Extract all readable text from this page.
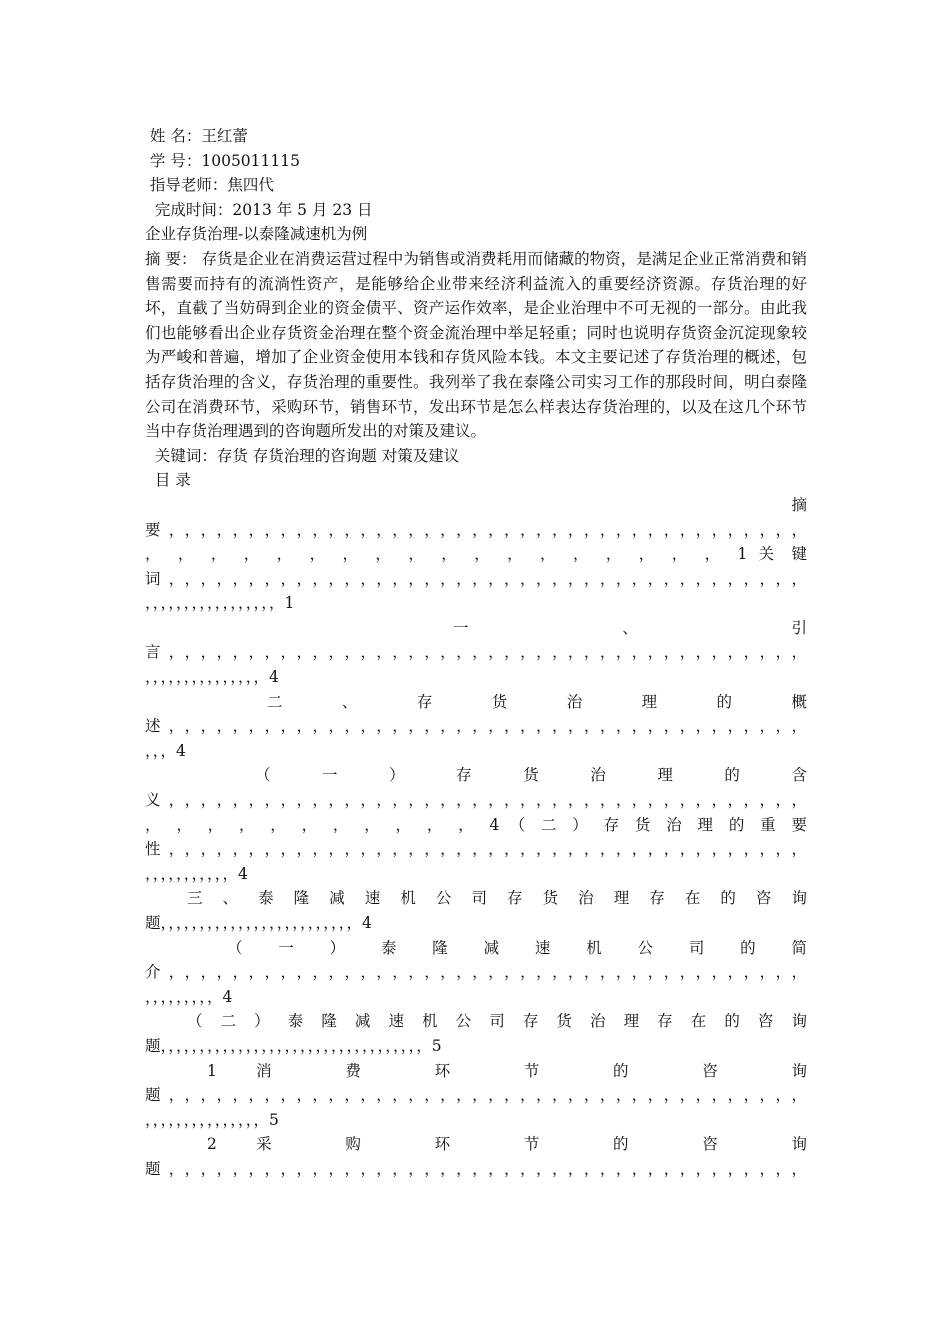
姓 名：王红蕾
学 号：1005011115
指导老师：焦四代
完成时间：2013 年 5 月 23 日
企业存货治理-以泰隆减速机为例
摘 要： 存货是企业在消费运营过程中为销售或消费耗用而储藏的物资，是满足企业正常消费和销售需要而持有的流淌性资产，是能够给企业带来经济利益流入的重要经济资源。存货治理的好坏，直截了当妨碍到企业的资金债平、资产运作效率，是企业治理中不可无视的一部分。由此我们也能够看出企业存货资金治理在整个资金流治理中举足轻重；同时也说明存货资金沉淀现象较为严峻和普遍，增加了企业资金使用本钱和存货风险本钱。本文主要记述了存货治理的概述，包括存货治理的含义，存货治理的重要性。我列举了我在泰隆公司实习工作的那段时间，明白泰隆公司在消费环节，采购环节，销售环节，发出环节是怎么样表达存货治理的，以及在这几个环节当中存货治理遇到的咨询题所发出的对策及建议。
关键词：存货 存货治理的咨询题 对策及建议
目 录
摘
要，，，，，，，，，，，，，，，，，，，，，，，，，，，，，，，，，，，，，，，，
， ， ， ， ， ， ， ， ， ， ， ， ， ， ， ， ， ， 1 关 键
词，，，，，，，，，，，，，，，，，，，，，，，，，，，，，，，，，，，，，，，，
，，，，，，，，，，，，，，，，，1
一 、 引
言，，，，，，，，，，，，，，，，，，，，，，，，，，，，，，，，，，，，，，，，
，，，，，，，，，，，，，，，4
二 、 存 货 治 理 的 概
述，，，，，，，，，，，，，，，，，，，，，，，，，，，，，，，，，，，，，，，，
，，，4
（ 一 ） 存 货 治 理 的 含
义，，，，，，，，，，，，，，，，，，，，，，，，，，，，，，，，，，，，，，，，
， ， ， ， ， ， ， ， ， ， ， 4 （ 二 ） 存 货 治 理 的 重 要
性，，，，，，，，，，，，，，，，，，，，，，，，，，，，，，，，，，，，，，，，
，，，，，，，，，，，4
三 、 泰 隆 减 速 机 公 司 存 货 治 理 存 在 的 咨 询
题，，，，，，，，，，，，，，，，，，，，，，，，，4
（ 一 ） 泰 隆 减 速 机 公 司 的 简
介，，，，，，，，，，，，，，，，，，，，，，，，，，，，，，，，，，，，，，，，
，，，，，，，，，4
（ 二 ） 泰 隆 减 速 机 公 司 存 货 治 理 存 在 的 咨 询
题，，，，，，，，，，，，，，，，，，，，，，，，，，，，，，，，，，5
1 消 费 环 节 的 咨 询
题，，，，，，，，，，，，，，，，，，，，，，，，，，，，，，，，，，，，，，，，
，，，，，，，，，，，，，，，5
2 采 购 环 节 的 咨 询
题，，，，，，，，，，，，，，，，，，，，，，，，，，，，，，，，，，，，，，，，
